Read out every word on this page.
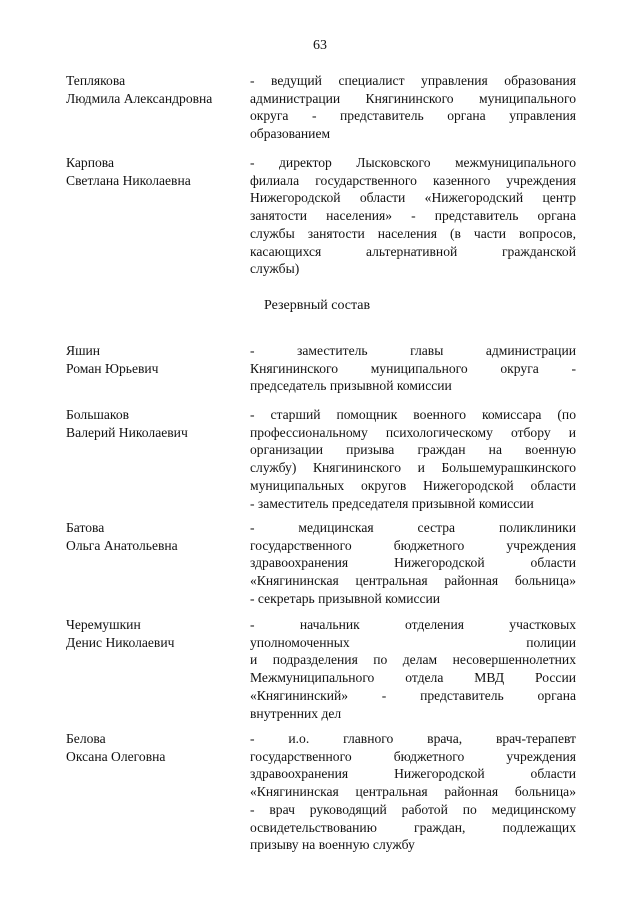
63
Теплякова
Людмила Александровна
- ведущий специалист управления образования
администрации Княгининского муниципального
округа - представитель органа управления
образованием
Карпова
Светлана Николаевна
- директор Лысковского межмуниципального
филиала государственного казенного учреждения
Нижегородской области «Нижегородский центр
занятости населения» - представитель органа
службы занятости населения (в части вопросов,
касающихся альтернативной гражданской
службы)
Резервный состав
Яшин
Роман Юрьевич
- заместитель главы администрации
Княгининского муниципального округа -
председатель призывной комиссии
Большаков
Валерий Николаевич
- старший помощник военного комиссара (по
профессиональному психологическому отбору и
организации призыва граждан на военную
службу) Княгининского и Большемурашкинского
муниципальных округов Нижегородской области
- заместитель председателя призывной комиссии
Батова
Ольга Анатольевна
- медицинская сестра поликлиники
государственного бюджетного учреждения
здравоохранения Нижегородской области
«Княгининская центральная районная больница»
- секретарь призывной комиссии
Черемушкин
Денис Николаевич
- начальник отделения участковых
уполномоченных полиции
и подразделения по делам несовершеннолетних
Межмуниципального отдела МВД России
«Княгининский» - представитель органа
внутренних дел
Белова
Оксана Олеговна
- и.о. главного врача, врач-терапевт
государственного бюджетного учреждения
здравоохранения Нижегородской области
«Княгининская центральная районная больница»
- врач руководящий работой по медицинскому
освидетельствованию граждан, подлежащих
призыву на военную службу
